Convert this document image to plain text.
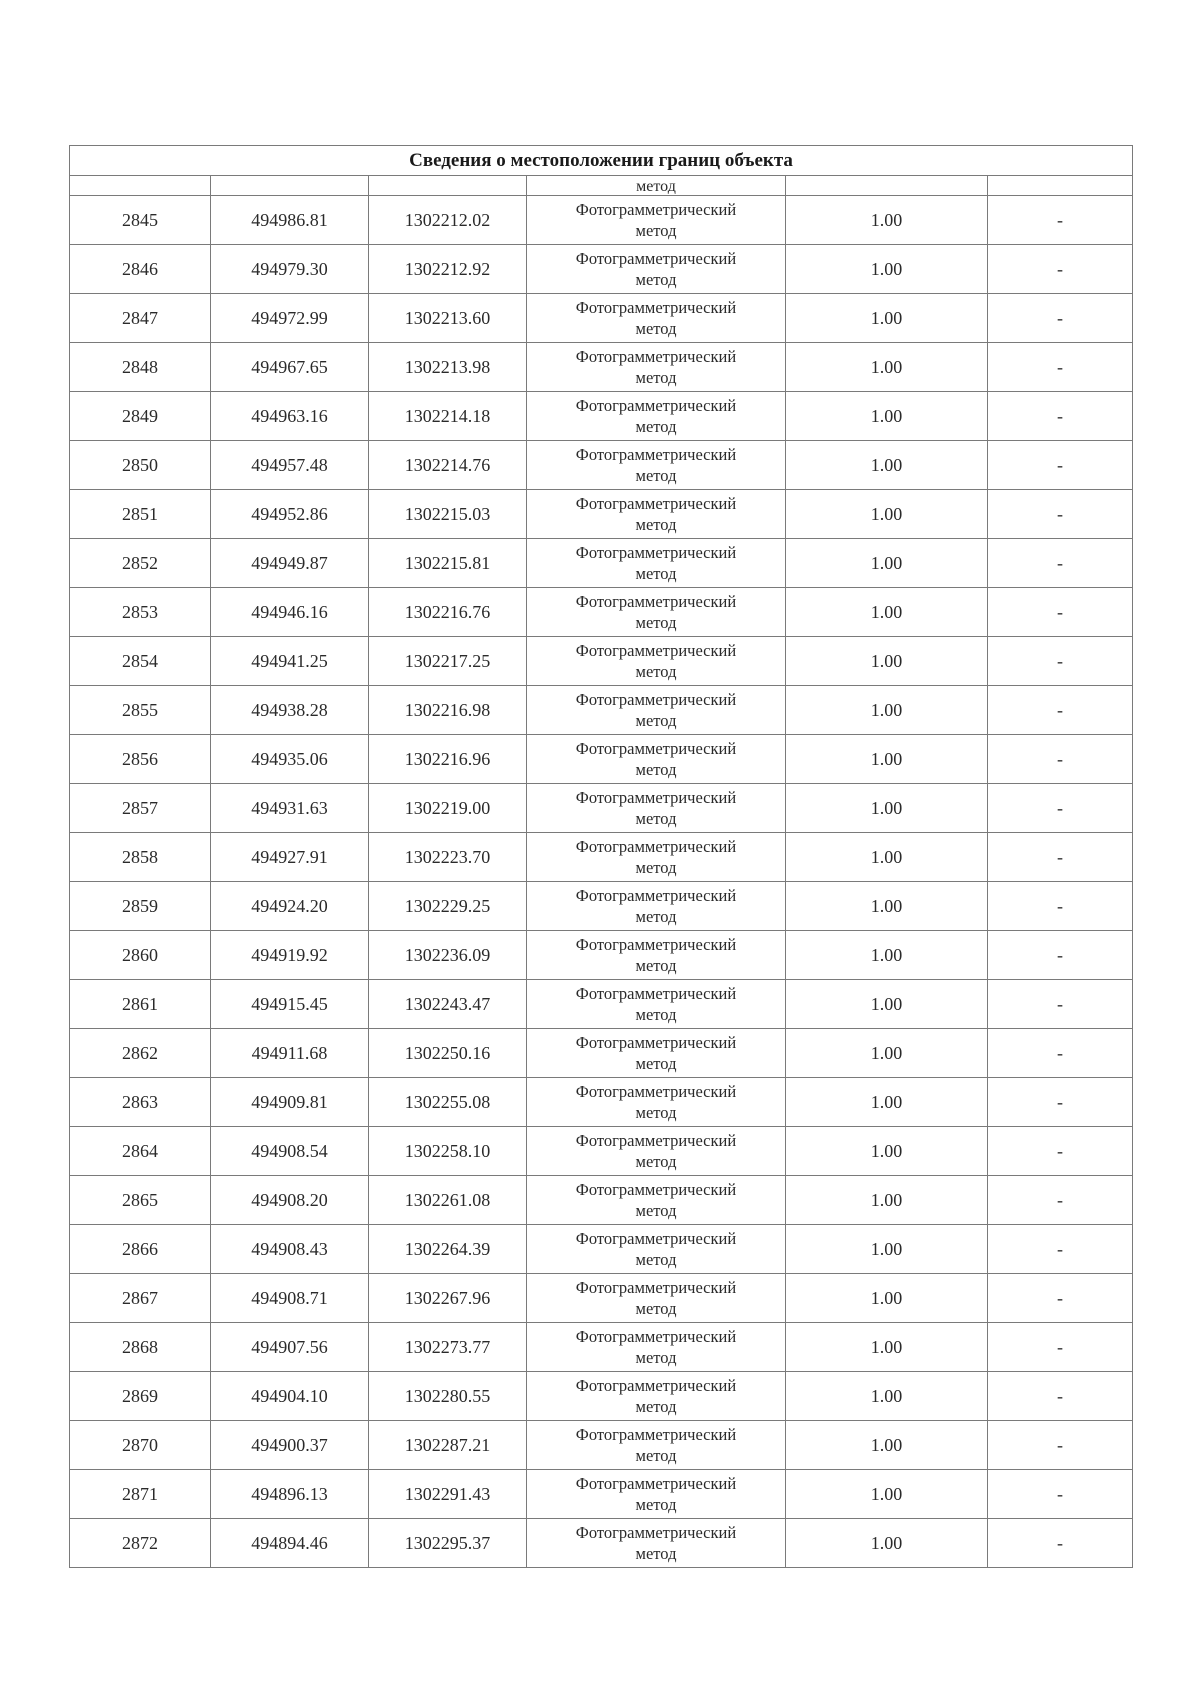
Сведения о местоположении границ объекта					
			метод		
2845	494986.81	1302212.02	Фотограмметрический
метод	1.00	-
2846	494979.30	1302212.92	Фотограмметрический
метод	1.00	-
2847	494972.99	1302213.60	Фотограмметрический
метод	1.00	-
2848	494967.65	1302213.98	Фотограмметрический
метод	1.00	-
2849	494963.16	1302214.18	Фотограмметрический
метод	1.00	-
2850	494957.48	1302214.76	Фотограмметрический
метод	1.00	-
2851	494952.86	1302215.03	Фотограмметрический
метод	1.00	-
2852	494949.87	1302215.81	Фотограмметрический
метод	1.00	-
2853	494946.16	1302216.76	Фотограмметрический
метод	1.00	-
2854	494941.25	1302217.25	Фотограмметрический
метод	1.00	-
2855	494938.28	1302216.98	Фотограмметрический
метод	1.00	-
2856	494935.06	1302216.96	Фотограмметрический
метод	1.00	-
2857	494931.63	1302219.00	Фотограмметрический
метод	1.00	-
2858	494927.91	1302223.70	Фотограмметрический
метод	1.00	-
2859	494924.20	1302229.25	Фотограмметрический
метод	1.00	-
2860	494919.92	1302236.09	Фотограмметрический
метод	1.00	-
2861	494915.45	1302243.47	Фотограмметрический
метод	1.00	-
2862	494911.68	1302250.16	Фотограмметрический
метод	1.00	-
2863	494909.81	1302255.08	Фотограмметрический
метод	1.00	-
2864	494908.54	1302258.10	Фотограмметрический
метод	1.00	-
2865	494908.20	1302261.08	Фотограмметрический
метод	1.00	-
2866	494908.43	1302264.39	Фотограмметрический
метод	1.00	-
2867	494908.71	1302267.96	Фотограмметрический
метод	1.00	-
2868	494907.56	1302273.77	Фотограмметрический
метод	1.00	-
2869	494904.10	1302280.55	Фотограмметрический
метод	1.00	-
2870	494900.37	1302287.21	Фотограмметрический
метод	1.00	-
2871	494896.13	1302291.43	Фотограмметрический
метод	1.00	-
2872	494894.46	1302295.37	Фотограмметрический
метод	1.00	-
